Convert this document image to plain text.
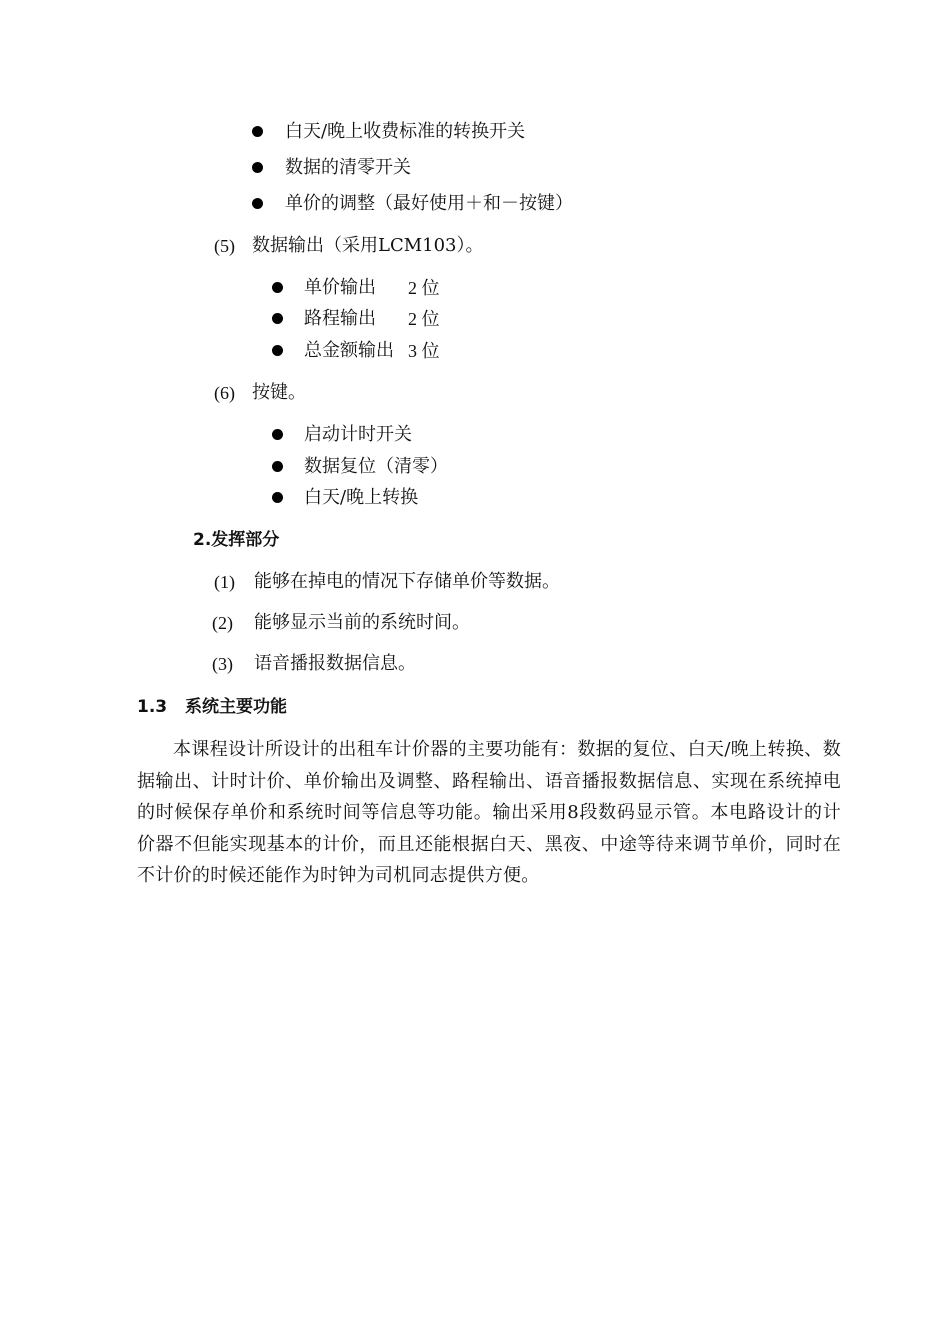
白天/晚上收费标准的转换开关
数据的清零开关
单价的调整（最好使用＋和－按键）
(5) 数据输出（采用LCM103）。
单价输出 2 位
路程输出 2 位
总金额输出 3 位
(6) 按键。
启动计时开关
数据复位（清零）
白天/晚上转换
2.发挥部分
(1) 能够在掉电的情况下存储单价等数据。
(2) 能够显示当前的系统时间。
(3) 语音播报数据信息。
1.3 系统主要功能
本课程设计所设计的出租车计价器的主要功能有：数据的复位、白天/晚上转换、数据输出、计时计价、单价输出及调整、路程输出、语音播报数据信息、实现在系统掉电的时候保存单价和系统时间等信息等功能。输出采用8段数码显示管。本电路设计的计价器不但能实现基本的计价，而且还能根据白天、黑夜、中途等待来调节单价，同时在不计价的时候还能作为时钟为司机同志提供方便。
